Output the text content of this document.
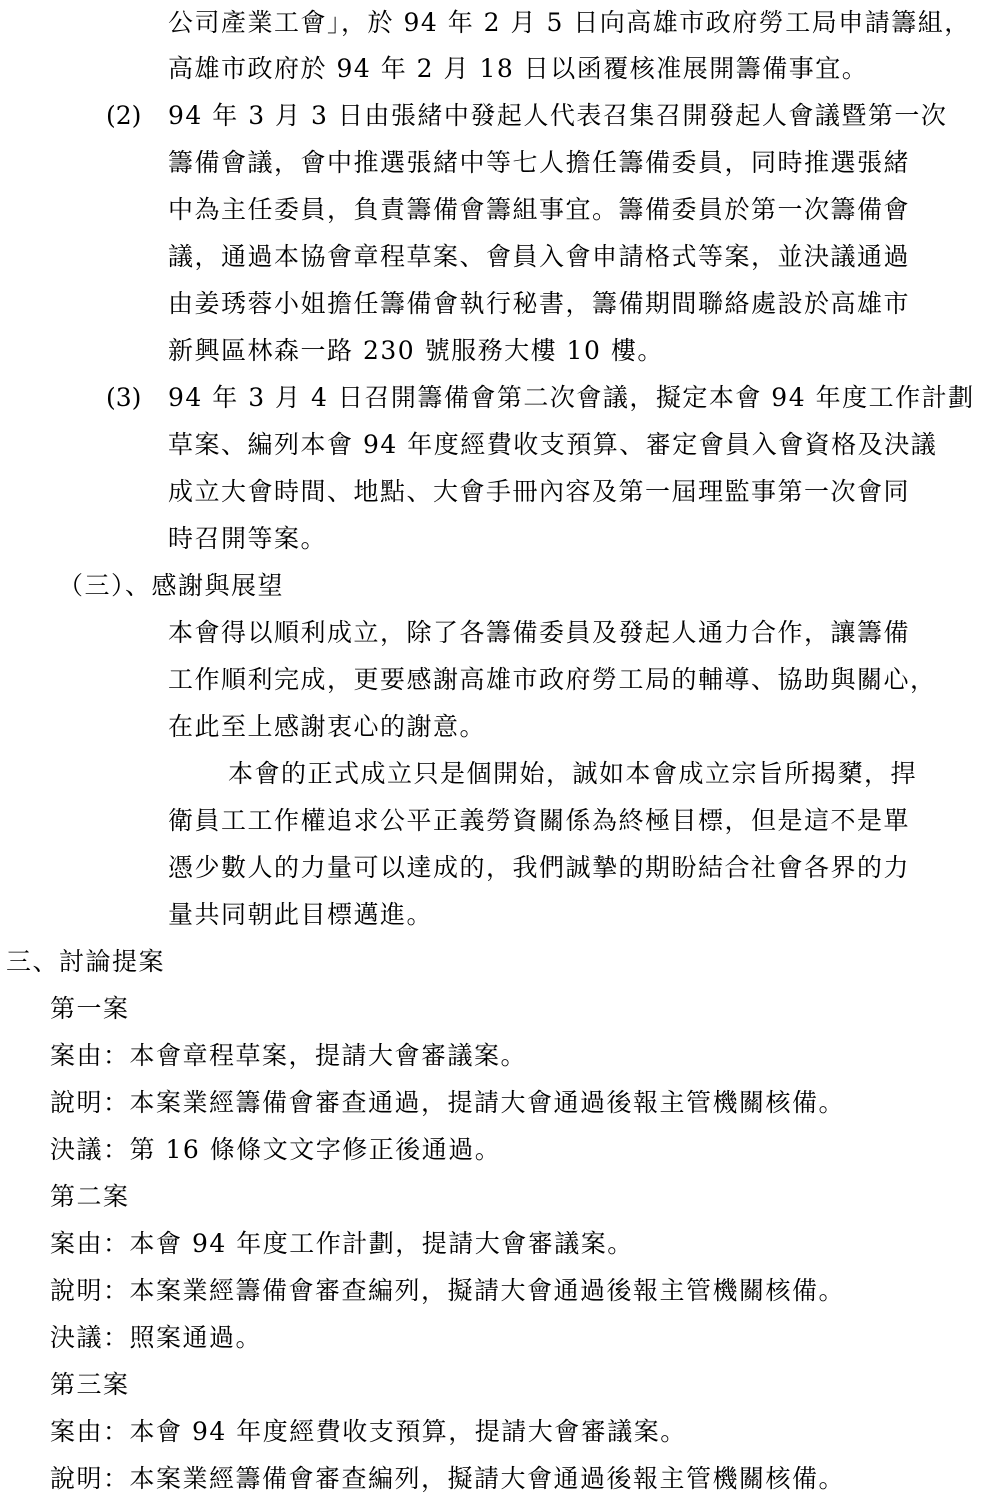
公司產業工會」，於 94 年 2 月 5 日向高雄市政府勞工局申請籌組，
高雄市政府於 94 年 2 月 18 日以函覆核准展開籌備事宜。
(2) 94 年 3 月 3 日由張緒中發起人代表召集召開發起人會議暨第一次
籌備會議，會中推選張緒中等七人擔任籌備委員，同時推選張緒
中為主任委員，負責籌備會籌組事宜。籌備委員於第一次籌備會
議，通過本協會章程草案、會員入會申請格式等案，並決議通過
由姜琇蓉小姐擔任籌備會執行秘書，籌備期間聯絡處設於高雄市
新興區林森一路 230 號服務大樓 10 樓。
(3) 94 年 3 月 4 日召開籌備會第二次會議，擬定本會 94 年度工作計劃
草案、編列本會 94 年度經費收支預算、審定會員入會資格及決議
成立大會時間、地點、大會手冊內容及第一屆理監事第一次會同
時召開等案。
（三）、感謝與展望
本會得以順利成立，除了各籌備委員及發起人通力合作，讓籌備
工作順利完成，更要感謝高雄市政府勞工局的輔導、協助與關心，
在此至上感謝衷心的謝意。
本會的正式成立只是個開始，誠如本會成立宗旨所揭櫫，捍
衛員工工作權追求公平正義勞資關係為終極目標，但是這不是單
憑少數人的力量可以達成的，我們誠摯的期盼結合社會各界的力
量共同朝此目標邁進。
三、討論提案
第一案
案由：本會章程草案，提請大會審議案。
說明：本案業經籌備會審查通過，提請大會通過後報主管機關核備。
決議：第 16 條條文文字修正後通過。
第二案
案由：本會 94 年度工作計劃，提請大會審議案。
說明：本案業經籌備會審查編列，擬請大會通過後報主管機關核備。
決議：照案通過。
第三案
案由：本會 94 年度經費收支預算，提請大會審議案。
說明：本案業經籌備會審查編列，擬請大會通過後報主管機關核備。
